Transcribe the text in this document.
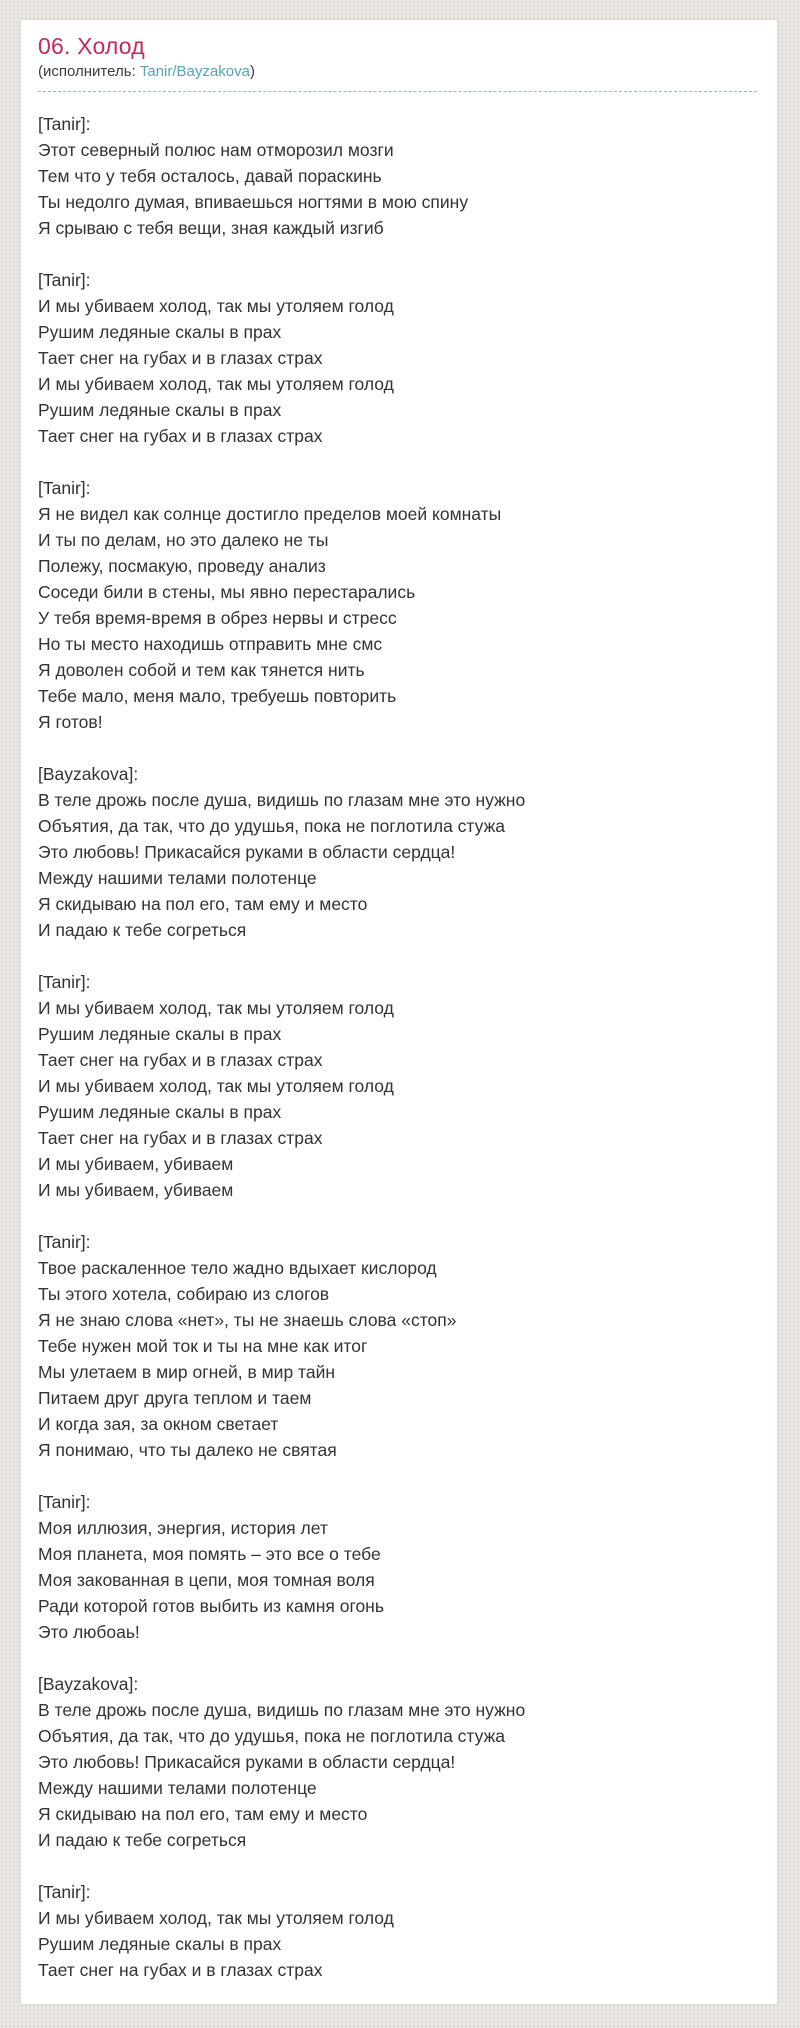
06. Холод
(исполнитель: Tanir/Bayzakova)
[Tanir]:
Этот северный полюс нам отморозил мозги
Тем что у тебя осталось, давай пораскинь
Ты недолго думая, впиваешься ногтями в мою спину
Я срываю с тебя вещи, зная каждый изгиб
[Tanir]:
И мы убиваем холод, так мы утоляем голод
Рушим ледяные скалы в прах
Тает снег на губах и в глазах страх
И мы убиваем холод, так мы утоляем голод
Рушим ледяные скалы в прах
Тает снег на губах и в глазах страх
[Tanir]:
Я не видел как солнце достигло пределов моей комнаты
И ты по делам, но это далеко не ты
Полежу, посмакую, проведу анализ
Соседи били в стены, мы явно перестарались
У тебя время-время в обрез нервы и стресс
Но ты место находишь отправить мне смс
Я доволен собой и тем как тянется нить
Тебе мало, меня мало, требуешь повторить
Я готов!
[Bayzakova]:
В теле дрожь после душа, видишь по глазам мне это нужно
Объятия, да так, что до удушья, пока не поглотила стужа
Это любовь! Прикасайся руками в области сердца!
Между нашими телами полотенце
Я скидываю на пол его, там ему и место
И падаю к тебе согреться
[Tanir]:
И мы убиваем холод, так мы утоляем голод
Рушим ледяные скалы в прах
Тает снег на губах и в глазах страх
И мы убиваем холод, так мы утоляем голод
Рушим ледяные скалы в прах
Тает снег на губах и в глазах страх
И мы убиваем, убиваем
И мы убиваем, убиваем
[Tanir]:
Твое раскаленное тело жадно вдыхает кислород
Ты этого хотела, собираю из слогов
Я не знаю слова «нет», ты не знаешь слова «стоп»
Тебе нужен мой ток и ты на мне как итог
Мы улетаем в мир огней, в мир тайн
Питаем друг друга теплом и таем
И когда зая, за окном светает
Я понимаю, что ты далеко не святая
[Tanir]:
Моя иллюзия, энергия, история лет
Моя планета, моя помять – это все о тебе
Моя закованная в цепи, моя томная воля
Ради которой готов выбить из камня огонь
Это любоаь!
[Bayzakova]:
В теле дрожь после душа, видишь по глазам мне это нужно
Объятия, да так, что до удушья, пока не поглотила стужа
Это любовь! Прикасайся руками в области сердца!
Между нашими телами полотенце
Я скидываю на пол его, там ему и место
И падаю к тебе согреться
[Tanir]:
И мы убиваем холод, так мы утоляем голод
Рушим ледяные скалы в прах
Тает снег на губах и в глазах страх
